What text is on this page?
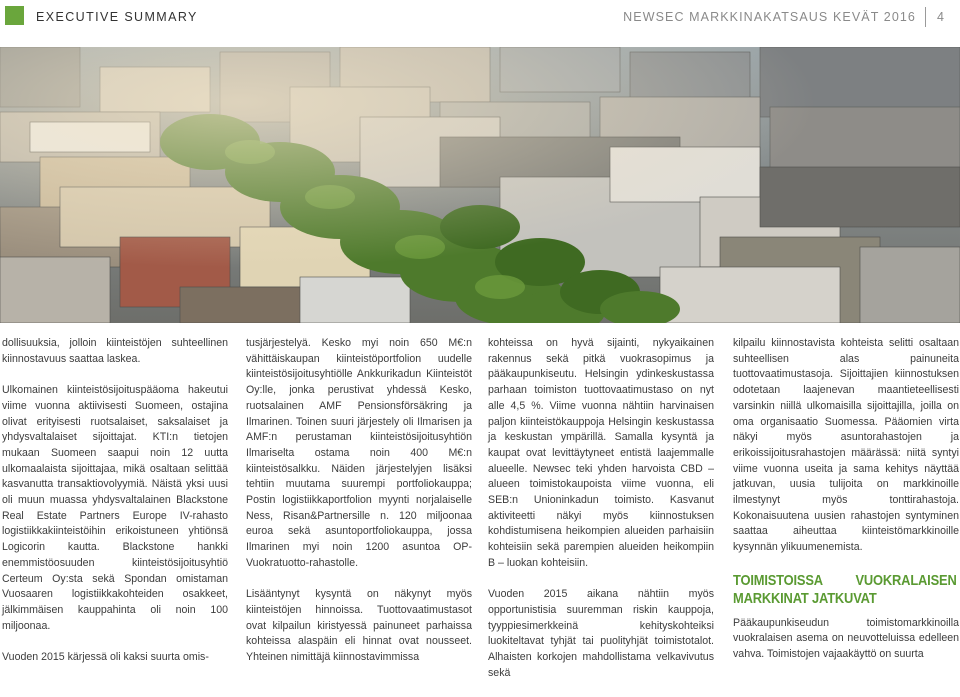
EXECUTIVE SUMMARY	NEWSEC MARKKINAKATSAUS KEVÄT 2016 4

dollisuuksia, jolloin kiinteistöjen suhteellinen kiinnostavuus saattaa laskea.

Ulkomainen kiinteistösijoituspääoma hakeutui viime vuonna aktiivisesti Suomeen, ostajina olivat erityisesti ruotsalaiset, saksalaiset ja yhdysvaltalaiset sijoittajat. KTI:n tietojen mukaan Suomeen saapui noin 12 uutta ulkomaalaista sijoittajaa, mikä osaltaan selittää kasvanutta transaktiovolyymiä. Näistä yksi uusi oli muun muassa yhdysvaltalainen Blackstone Real Estate Partners Europe IV-rahasto logistiikkakiinteistöihin erikoistuneen yhtiönsä Logicorin kautta. Blackstone hankki enemmistöosuuden kiinteistösijoitusyhtiö Certeum Oy:sta sekä Spondan omistaman Vuosaaren logistiikkakohteiden osakkeet, jälkimmäisen kauppahinta oli noin 100 miljoonaa.

Vuoden 2015 kärjessä oli kaksi suurta omis-

tusjärjestelyä. Kesko myi noin 650 M€:n vähittäiskaupan kiinteistöportfolion uudelle kiinteistösijoitusyhtiölle Ankkurikadun Kiinteistöt Oy:lle, jonka perustivat yhdessä Kesko, ruotsalainen AMF Pensionsförsäkring ja Ilmarinen. Toinen suuri järjestely oli Ilmarisen ja AMF:n perustaman kiinteistösijoitusyhtiön Ilmariselta ostama noin 400 M€:n kiinteistösalkku. Näiden järjestelyjen lisäksi tehtiin muutama suurempi portfoliokauppa; Postin logistiikkaportfolion myynti norjalaiselle Ness, Risan&Partnersille n. 120 miljoonaa euroa sekä asuntoportfoliokauppa, jossa Ilmarinen myi noin 1200 asuntoa OP-Vuokratuotto-rahastolle.

Lisääntynyt kysyntä on näkynyt myös kiinteistöjen hinnoissa. Tuottovaatimustasot ovat kilpailun kiristyessä painuneet parhaissa kohteissa alaspäin eli hinnat ovat nousseet. Yhteinen nimittäjä kiinnostavimmissa

kohteissa on hyvä sijainti, nykyaikainen rakennus sekä pitkä vuokrasopimus ja pääkaupunkiseutu. Helsingin ydinkeskustassa parhaan toimiston tuottovaatimustaso on nyt alle 4,5 %. Viime vuonna nähtiin harvinaisen paljon kiinteistökauppoja Helsingin keskustassa ja keskustan ympärillä. Samalla kysyntä ja kaupat ovat levittäytyneet entistä laajemmalle alueelle. Newsec teki yhden harvoista CBD –alueen toimistokaupoista viime vuonna, eli SEB:n Unioninkadun toimisto. Kasvanut aktiviteetti näkyi myös kiinnostuksen kohdistumisena heikompien alueiden parhaisiin kohteisiin sekä parempien alueiden heikompiin B – luokan kohteisiin.

Vuoden 2015 aikana nähtiin myös opportunistisia suuremman riskin kauppoja, tyyppiesimerkkeinä kehityskohteiksi luokiteltavat tyhjät tai puolityhjät toimistotalot. Alhaisten korkojen mahdollistama velkavivutus sekä

kilpailu kiinnostavista kohteista selitti osaltaan suhteellisen alas painuneita tuottovaatimustasoja. Sijoittajien kiinnostuksen odotetaan laajenevan maantieteellisesti varsinkin niillä ulkomaisilla sijoittajilla, joilla on oma organisaatio Suomessa. Pääomien virta näkyi myös asuntorahastojen ja erikoissijoitusrahastojen määrässä: niitä syntyi viime vuonna useita ja sama kehitys näyttää jatkuvan, uusia tulijoita on markkinoille ilmestynyt myös tonttirahastoja. Kokonaisuutena uusien rahastojen syntyminen saattaa aiheuttaa kiinteistömarkkinoille kysynnän ylikuumenemista.

TOIMISTOISSA VUOKRALAISEN MARKKINAT JATKUVAT

Pääkaupunkiseudun toimistomarkkinoilla vuokralaisen asema on neuvotteluissa edelleen vahva. Toimistojen vajaakäyttö on suurta
